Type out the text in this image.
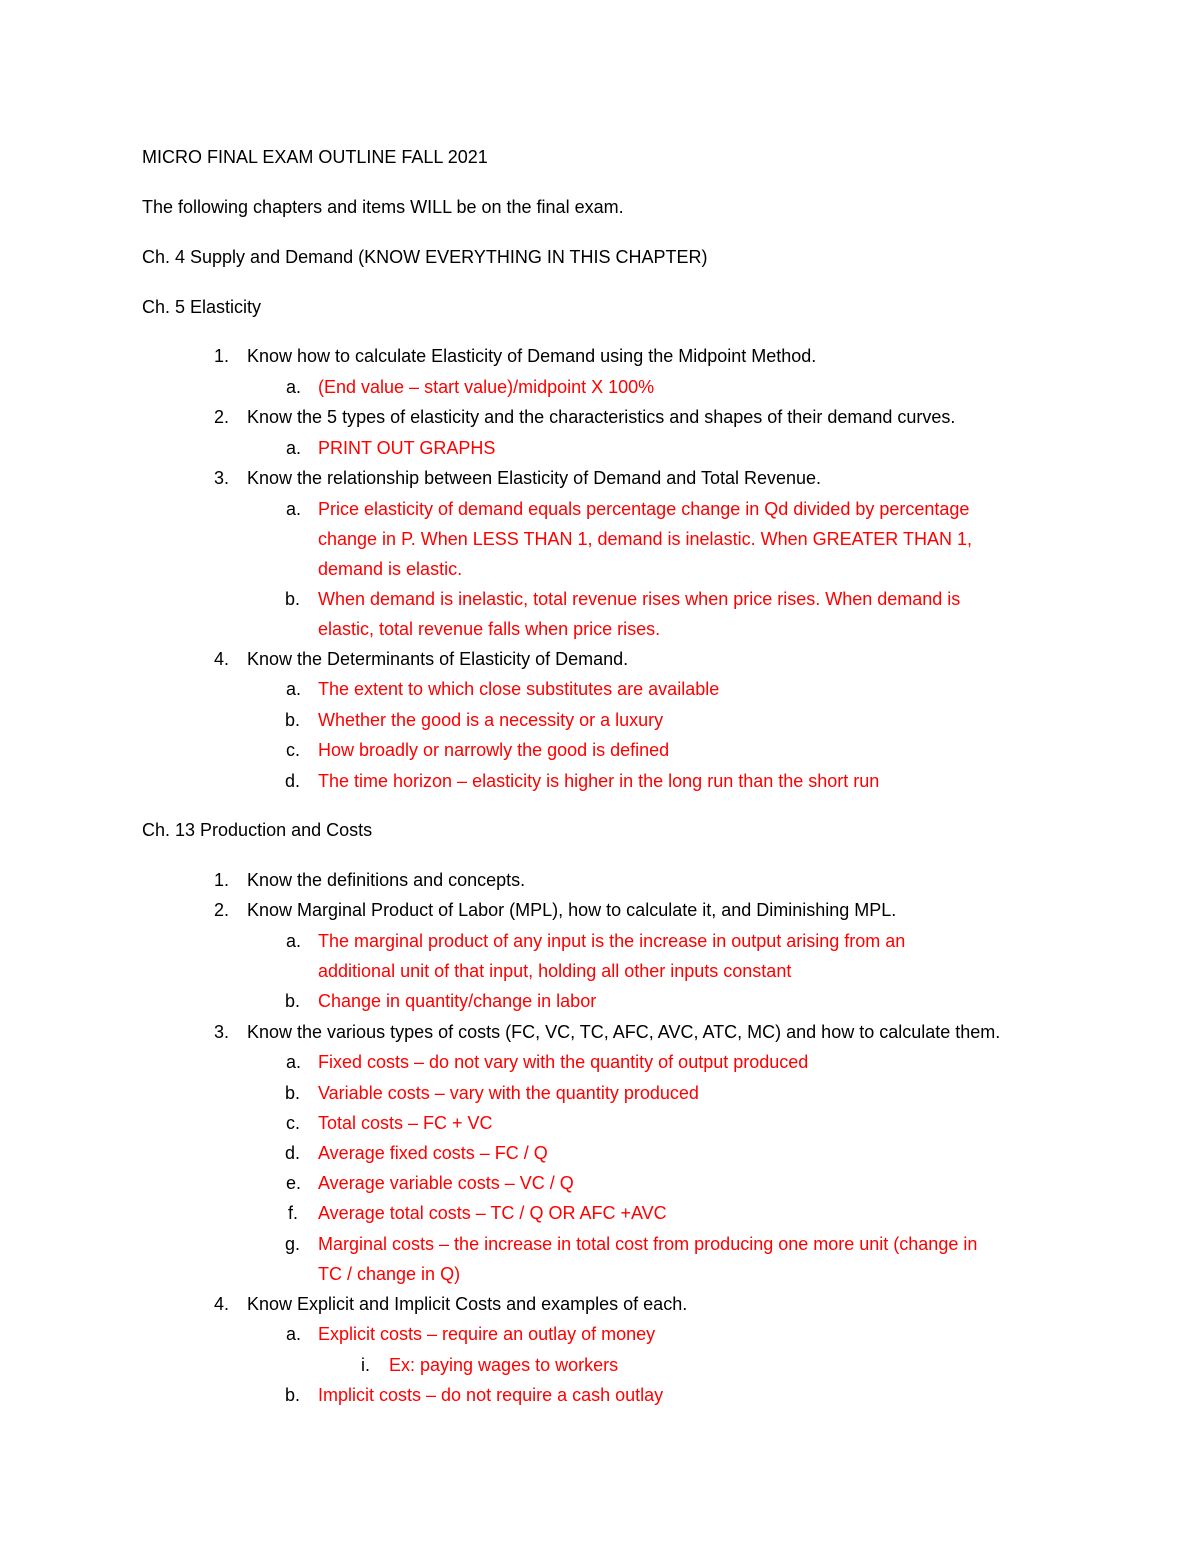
MICRO FINAL EXAM OUTLINE FALL 2021
The following chapters and items WILL be on the final exam.
Ch. 4 Supply and Demand (KNOW EVERYTHING IN THIS CHAPTER)
Ch. 5 Elasticity
1. Know how to calculate Elasticity of Demand using the Midpoint Method.
a. (End value – start value)/midpoint X 100%
2. Know the 5 types of elasticity and the characteristics and shapes of their demand curves.
a. PRINT OUT GRAPHS
3. Know the relationship between Elasticity of Demand and Total Revenue.
a. Price elasticity of demand equals percentage change in Qd divided by percentage
change in P. When LESS THAN 1, demand is inelastic. When GREATER THAN 1,
demand is elastic.
b. When demand is inelastic, total revenue rises when price rises. When demand is
elastic, total revenue falls when price rises.
4. Know the Determinants of Elasticity of Demand.
a. The extent to which close substitutes are available
b. Whether the good is a necessity or a luxury
c. How broadly or narrowly the good is defined
d. The time horizon – elasticity is higher in the long run than the short run
Ch. 13 Production and Costs
1. Know the definitions and concepts.
2. Know Marginal Product of Labor (MPL), how to calculate it, and Diminishing MPL.
a. The marginal product of any input is the increase in output arising from an
additional unit of that input, holding all other inputs constant
b. Change in quantity/change in labor
3. Know the various types of costs (FC, VC, TC, AFC, AVC, ATC, MC) and how to calculate them.
a. Fixed costs – do not vary with the quantity of output produced
b. Variable costs – vary with the quantity produced
c. Total costs – FC + VC
d. Average fixed costs – FC / Q
e. Average variable costs – VC / Q
f. Average total costs – TC / Q OR AFC +AVC
g. Marginal costs – the increase in total cost from producing one more unit (change in
TC / change in Q)
4. Know Explicit and Implicit Costs and examples of each.
a. Explicit costs – require an outlay of money
i. Ex: paying wages to workers
b. Implicit costs – do not require a cash outlay
